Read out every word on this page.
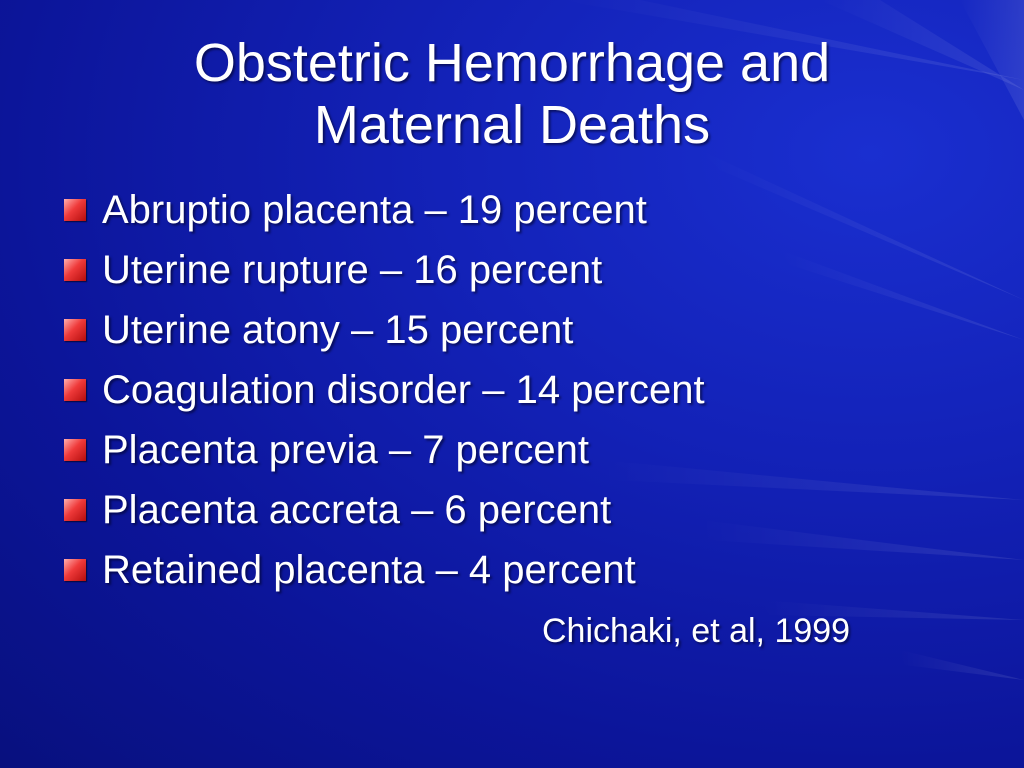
Obstetric Hemorrhage and
Maternal Deaths
Abruptio placenta – 19 percent
Uterine rupture – 16 percent
Uterine atony – 15 percent
Coagulation disorder – 14 percent
Placenta previa – 7 percent
Placenta accreta – 6 percent
Retained placenta – 4 percent
Chichaki, et al, 1999
